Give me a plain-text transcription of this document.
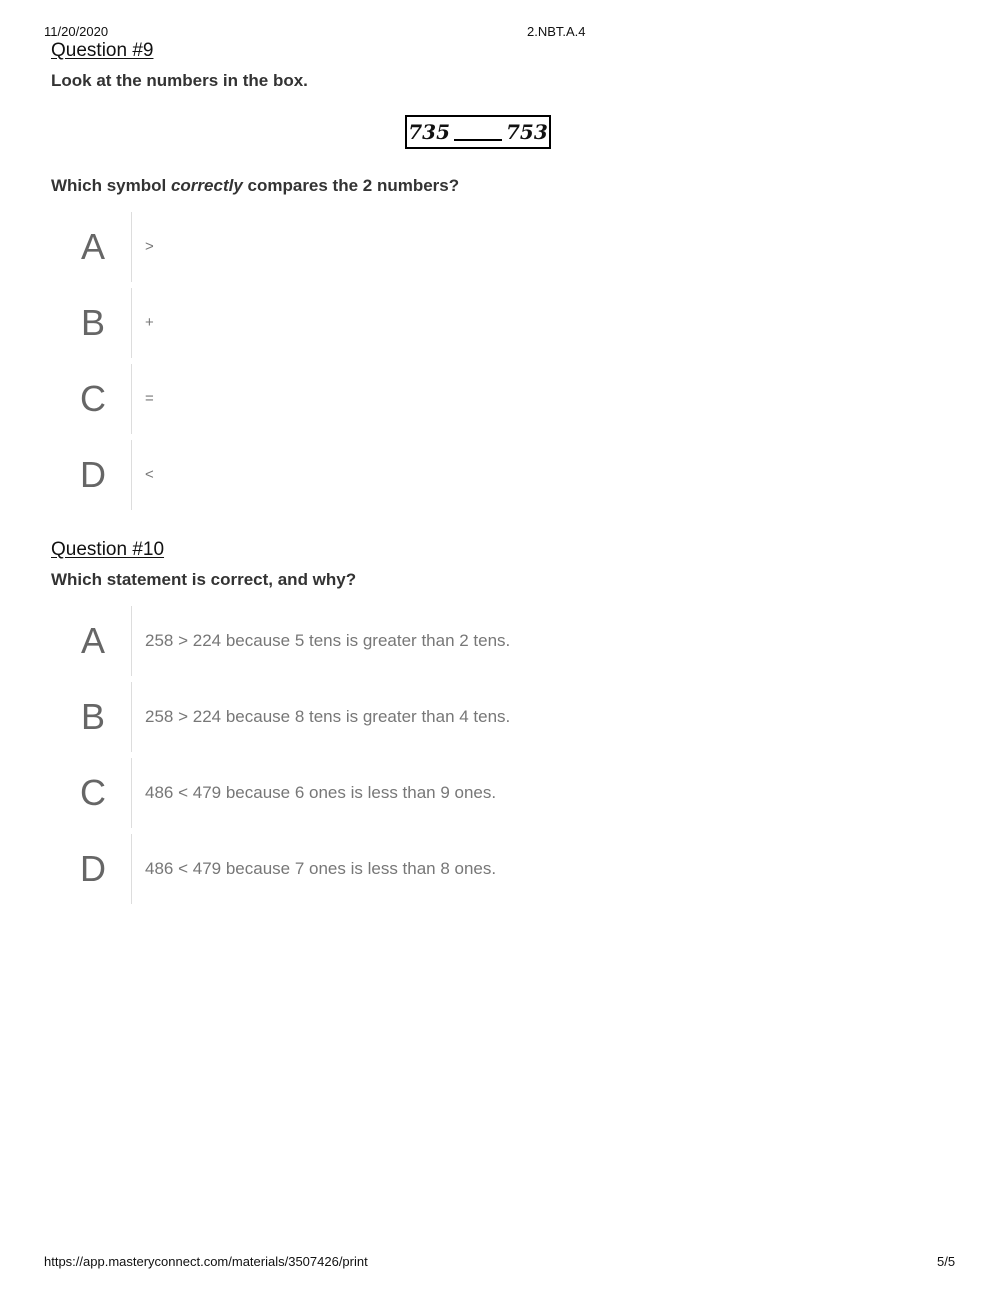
11/20/2020	2.NBT.A.4
Question #9
Look at the numbers in the box.
735	753
Which symbol correctly compares the 2 numbers?
A	>
B	+
C	=
D	<
Question #10
Which statement is correct, and why?
A	258 > 224 because 5 tens is greater than 2 tens.
B	258 > 224 because 8 tens is greater than 4 tens.
C	486 < 479 because 6 ones is less than 9 ones.
D	486 < 479 because 7 ones is less than 8 ones.
https://app.masteryconnect.com/materials/3507426/print	5/5
